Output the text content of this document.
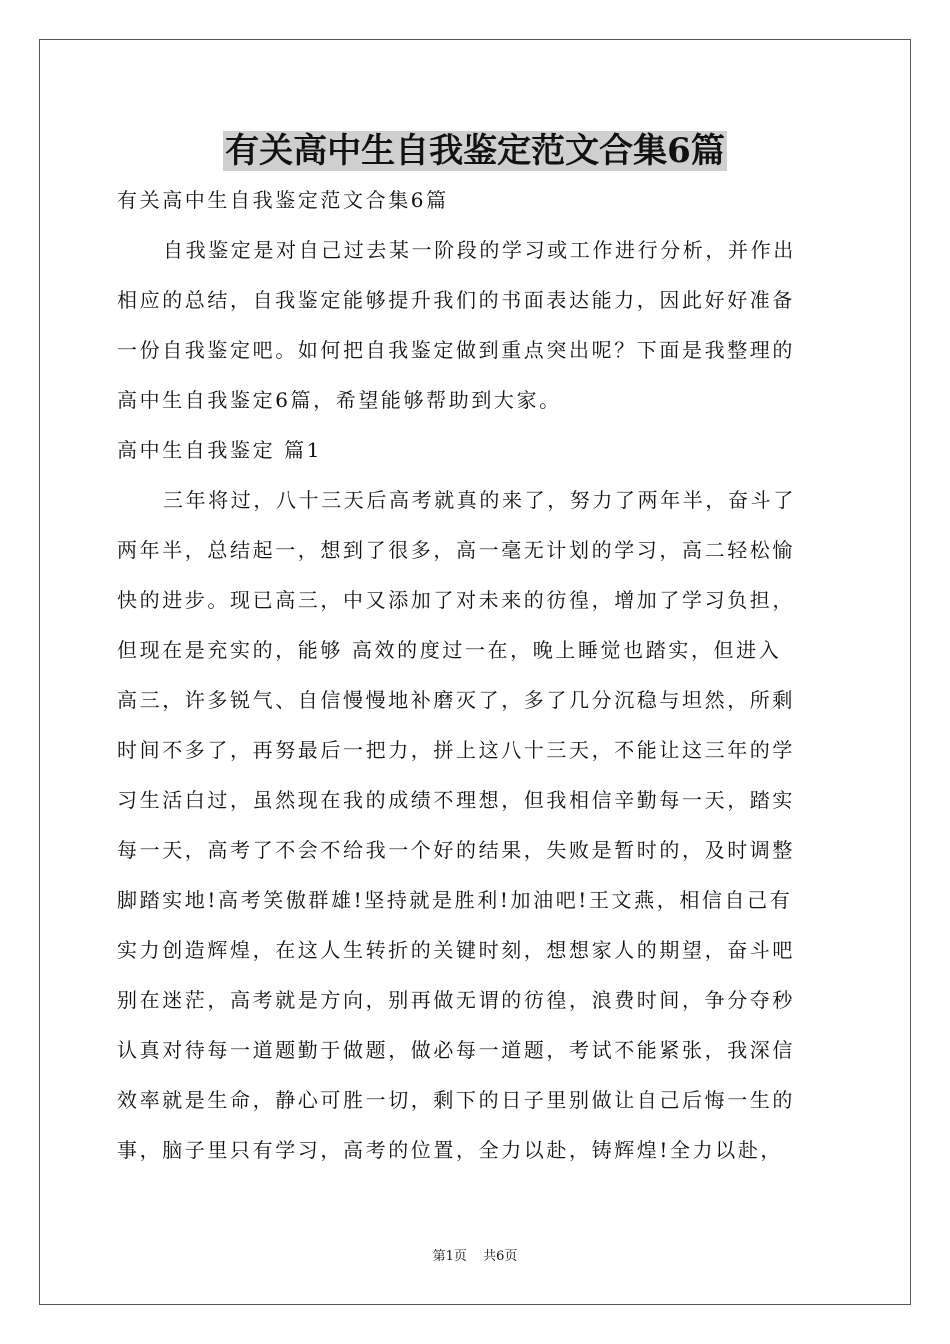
有关高中生自我鉴定范文合集6篇
有关高中生自我鉴定范文合集6篇
自我鉴定是对自己过去某一阶段的学习或工作进行分析，并作出
相应的总结，自我鉴定能够提升我们的书面表达能力，因此好好准备
一份自我鉴定吧。如何把自我鉴定做到重点突出呢？下面是我整理的
高中生自我鉴定6篇，希望能够帮助到大家。
高中生自我鉴定 篇1
三年将过，八十三天后高考就真的来了，努力了两年半，奋斗了
两年半，总结起一，想到了很多，高一毫无计划的学习，高二轻松愉
快的进步。现已高三，中又添加了对未来的彷徨，增加了学习负担，
但现在是充实的，能够 高效的度过一在，晚上睡觉也踏实，但进入
高三，许多锐气、自信慢慢地补磨灭了，多了几分沉稳与坦然，所剩
时间不多了，再努最后一把力，拼上这八十三天，不能让这三年的学
习生活白过，虽然现在我的成绩不理想，但我相信辛勤每一天，踏实
每一天，高考了不会不给我一个好的结果，失败是暂时的，及时调整
脚踏实地!高考笑傲群雄!坚持就是胜利!加油吧!王文燕，相信自己有
实力创造辉煌，在这人生转折的关键时刻，想想家人的期望，奋斗吧
别在迷茫，高考就是方向，别再做无谓的彷徨，浪费时间，争分夺秒
认真对待每一道题勤于做题，做必每一道题，考试不能紧张，我深信
效率就是生命，静心可胜一切，剩下的日子里别做让自己后悔一生的
事，脑子里只有学习，高考的位置，全力以赴，铸辉煌!全力以赴，
第1页 共6页
